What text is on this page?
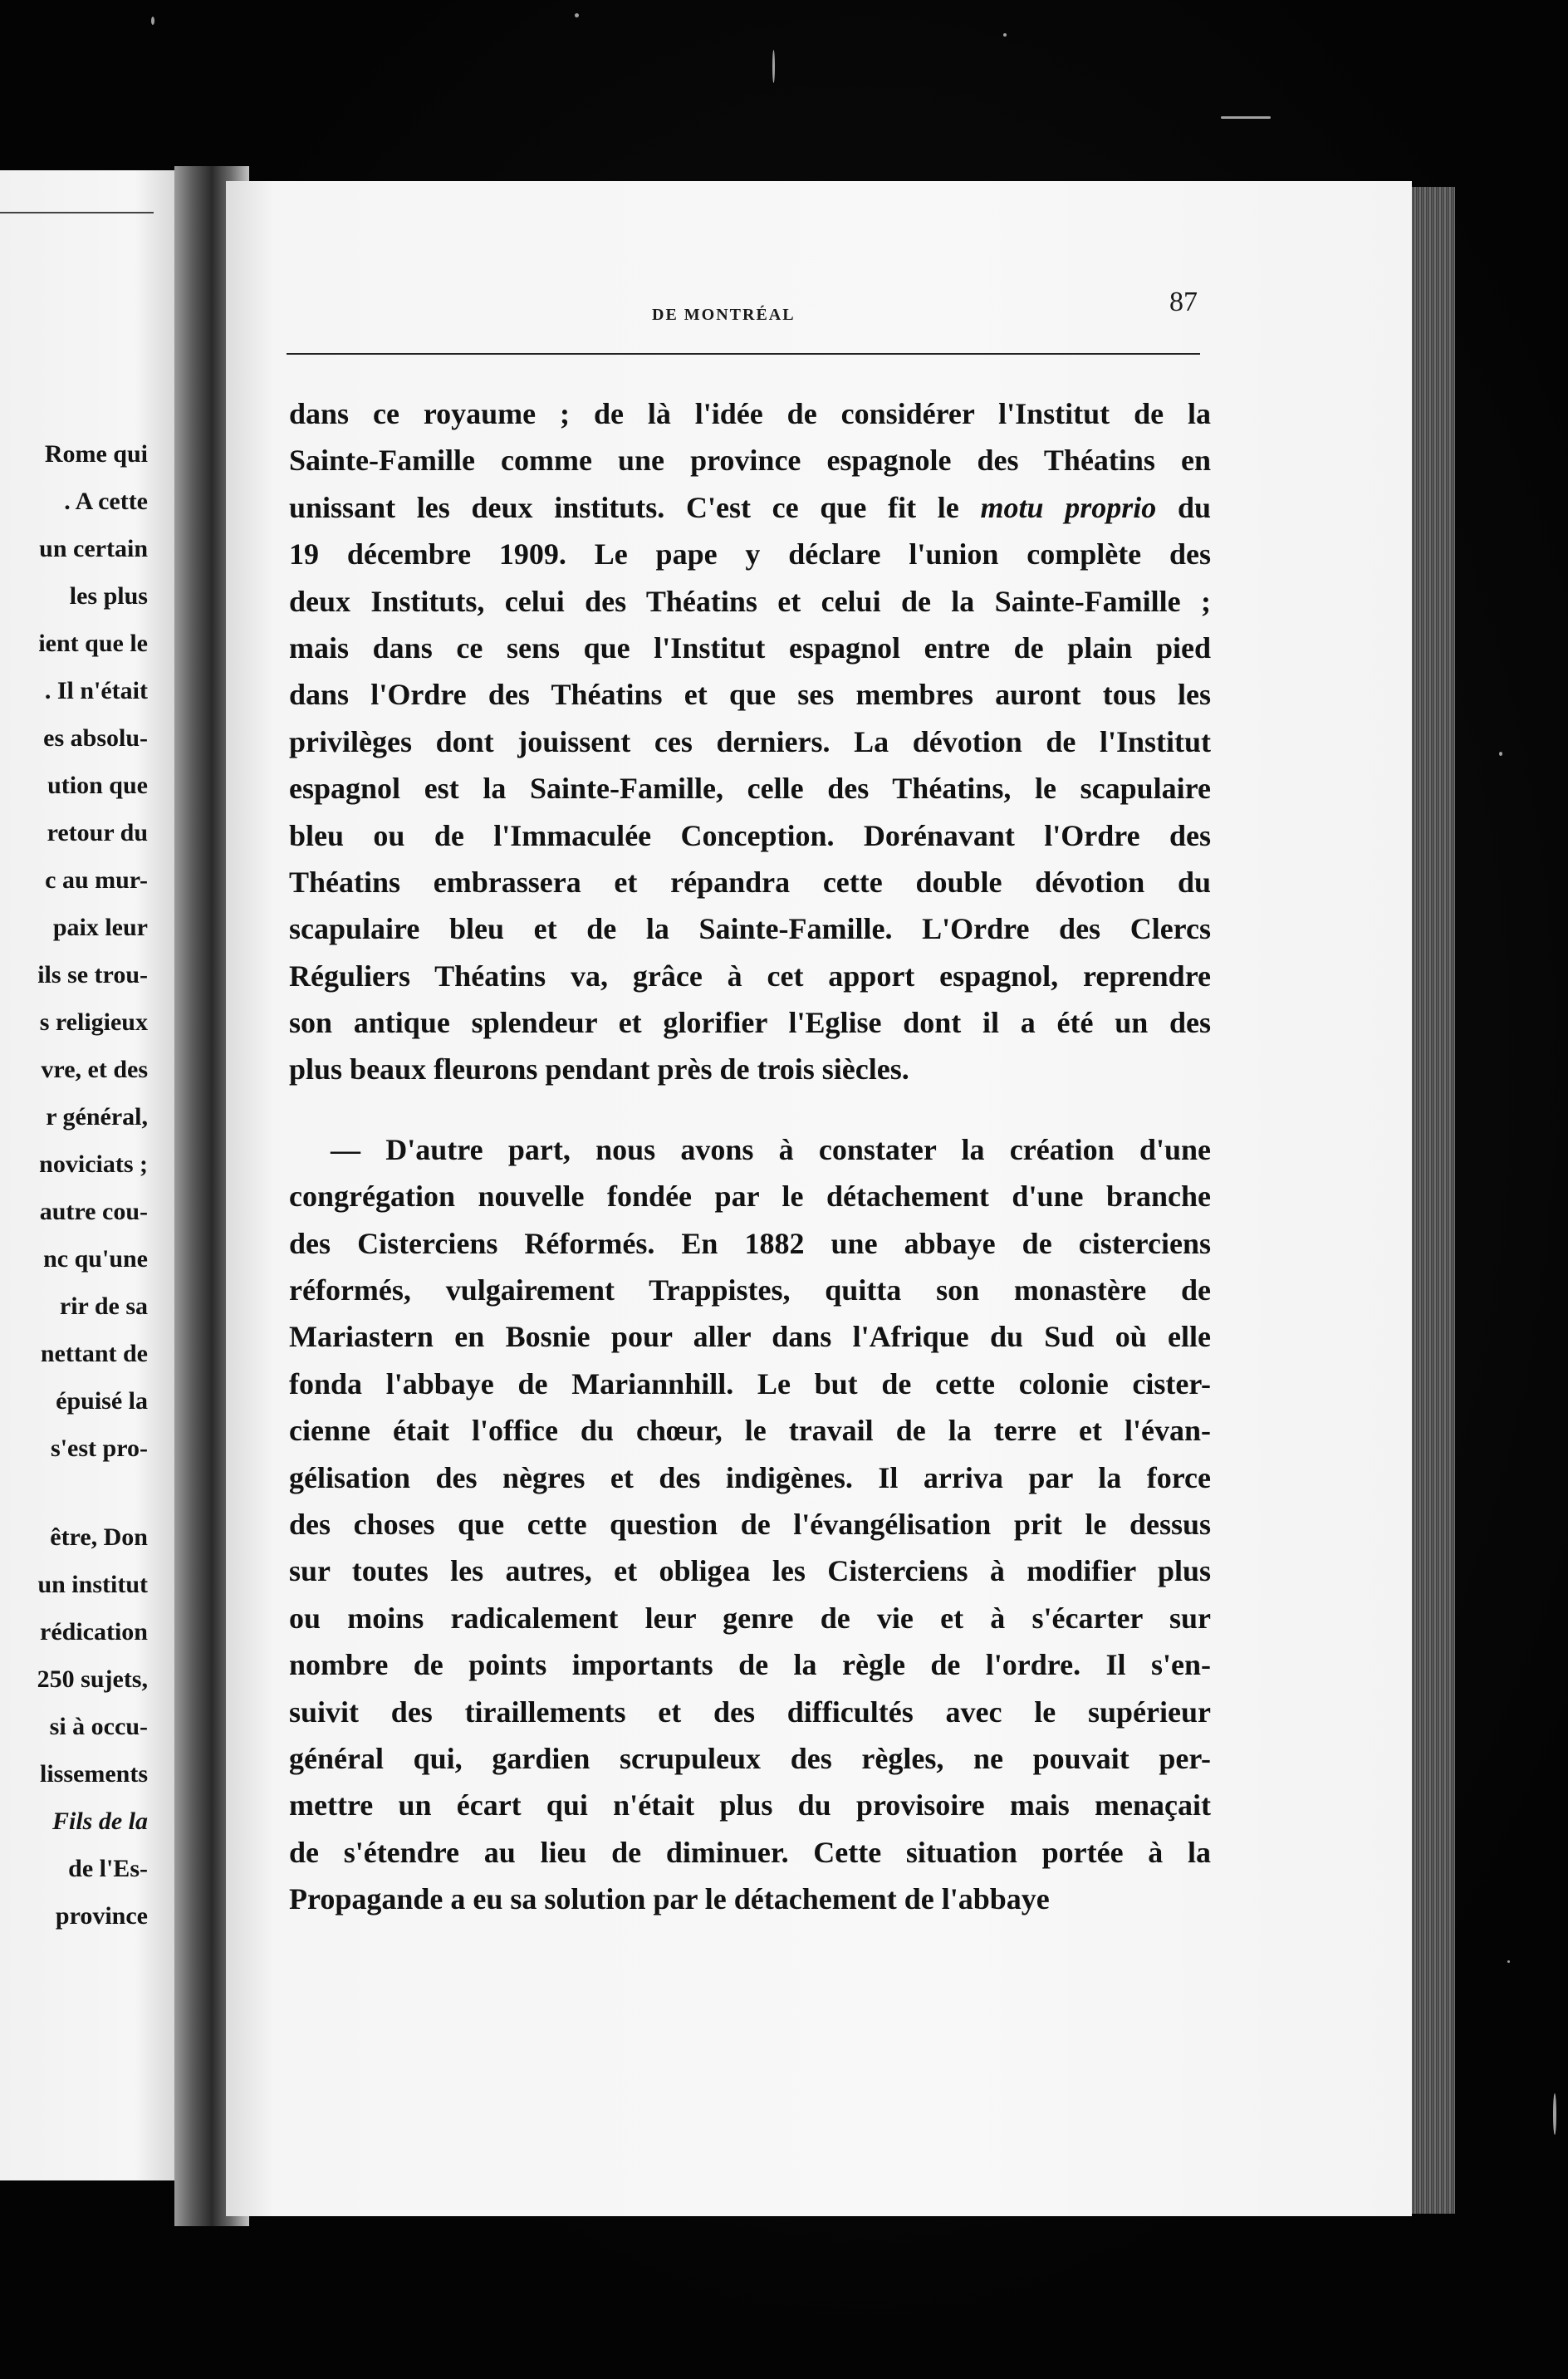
Rome qui
. A cette
un certain
les plus
ient que le
. Il n'était
es absolu-
ution que
retour du
c au mur-
paix leur
ils se trou-
s religieux
vre, et des
r général,
noviciats ;
autre cou-
nc qu'une
rir de sa
nettant de
épuisé la
s'est pro-
être, Don
un institut
rédication
250 sujets,
si à occu-
lissements
Fils de la
de l'Es-
province
DE MONTRÉAL	87
dans ce royaume ; de là l'idée de considérer l'Institut de la
Sainte-Famille comme une province espagnole des Théatins en
unissant les deux instituts. C'est ce que fit le motu proprio du
19 décembre 1909. Le pape y déclare l'union complète des
deux Instituts, celui des Théatins et celui de la Sainte-Famille ;
mais dans ce sens que l'Institut espagnol entre de plain pied
dans l'Ordre des Théatins et que ses membres auront tous les
privilèges dont jouissent ces derniers. La dévotion de l'Institut
espagnol est la Sainte-Famille, celle des Théatins, le scapulaire
bleu ou de l'Immaculée Conception. Dorénavant l'Ordre des
Théatins embrassera et répandra cette double dévotion du
scapulaire bleu et de la Sainte-Famille. L'Ordre des Clercs
Réguliers Théatins va, grâce à cet apport espagnol, reprendre
son antique splendeur et glorifier l'Eglise dont il a été un des
plus beaux fleurons pendant près de trois siècles.
— D'autre part, nous avons à constater la création d'une
congrégation nouvelle fondée par le détachement d'une branche
des Cisterciens Réformés. En 1882 une abbaye de cisterciens
réformés, vulgairement Trappistes, quitta son monastère de
Mariastern en Bosnie pour aller dans l'Afrique du Sud où elle
fonda l'abbaye de Mariannhill. Le but de cette colonie cister-
cienne était l'office du chœur, le travail de la terre et l'évan-
gélisation des nègres et des indigènes. Il arriva par la force
des choses que cette question de l'évangélisation prit le dessus
sur toutes les autres, et obligea les Cisterciens à modifier plus
ou moins radicalement leur genre de vie et à s'écarter sur
nombre de points importants de la règle de l'ordre. Il s'en-
suivit des tiraillements et des difficultés avec le supérieur
général qui, gardien scrupuleux des règles, ne pouvait per-
mettre un écart qui n'était plus du provisoire mais menaçait
de s'étendre au lieu de diminuer. Cette situation portée à la
Propagande a eu sa solution par le détachement de l'abbaye
